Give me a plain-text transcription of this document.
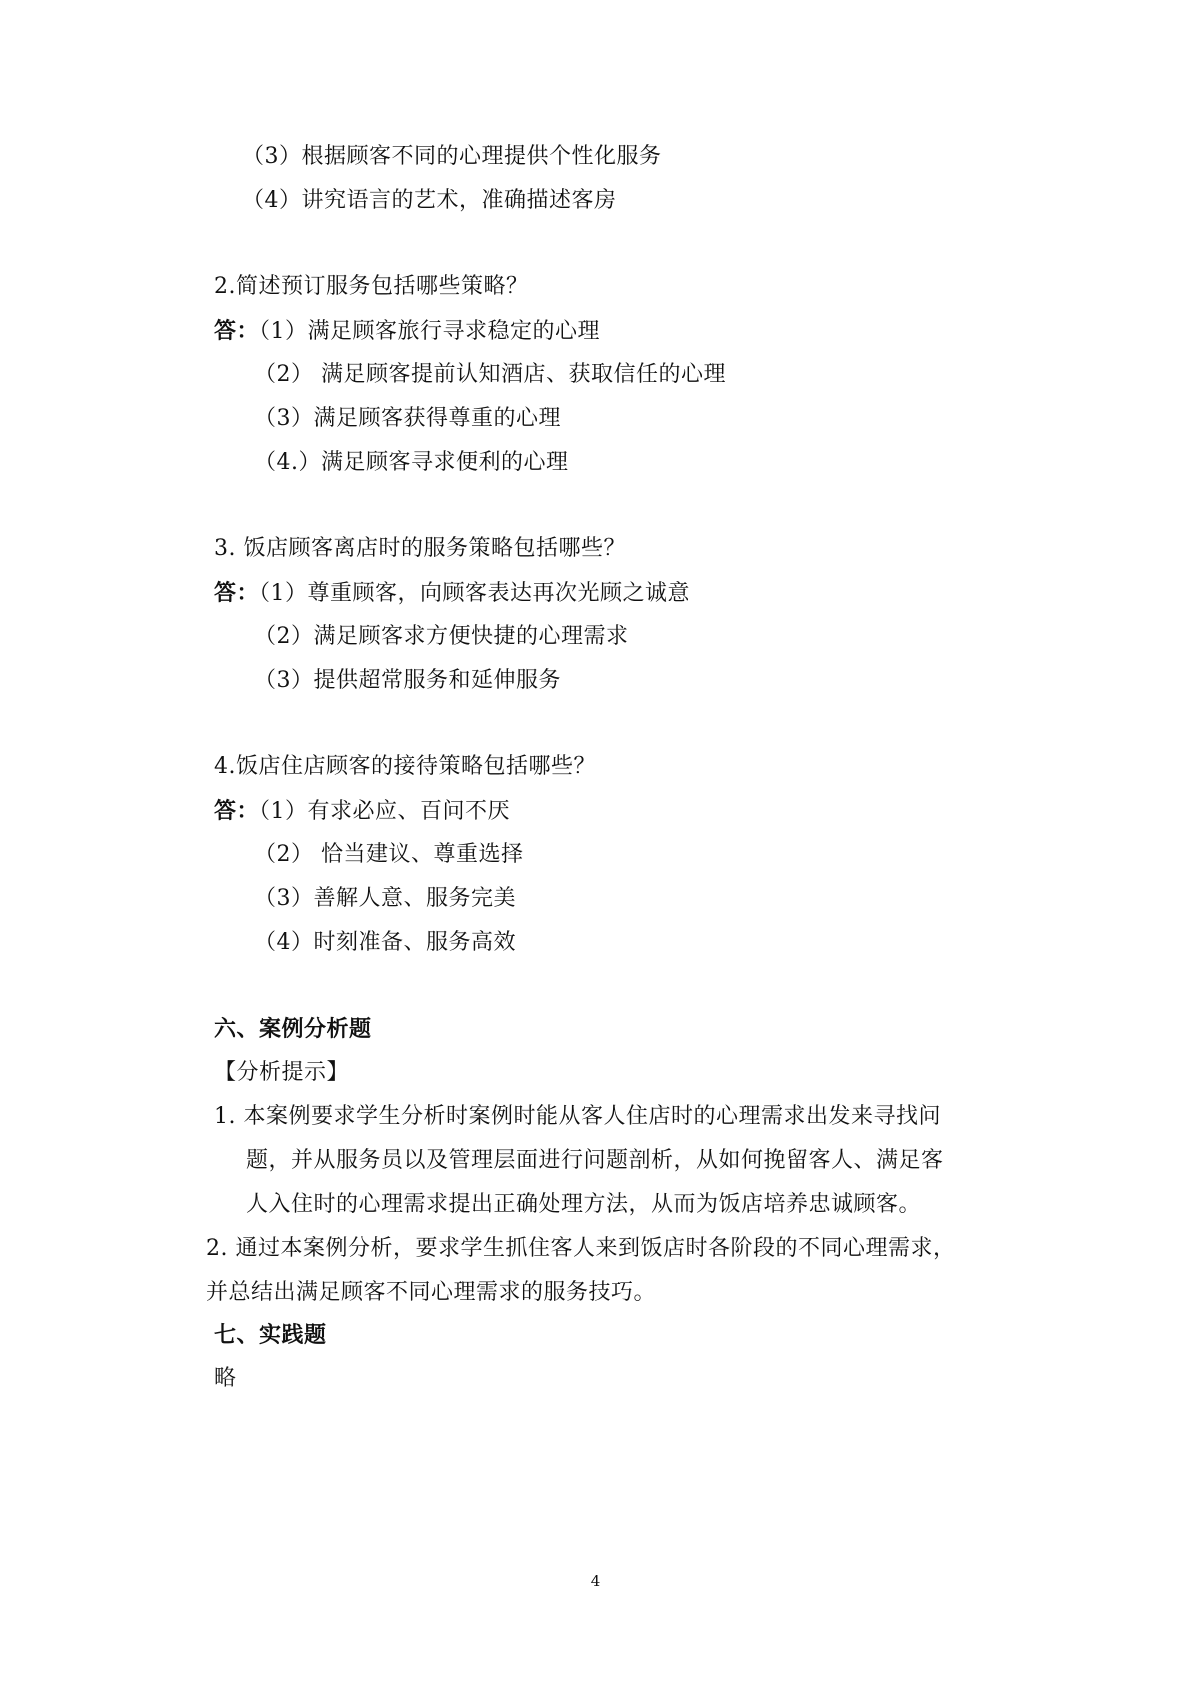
（3）根据顾客不同的心理提供个性化服务
（4）讲究语言的艺术，准确描述客房
2.简述预订服务包括哪些策略？
答：（1）满足顾客旅行寻求稳定的心理
（2） 满足顾客提前认知酒店、获取信任的心理
（3）满足顾客获得尊重的心理
（4.）满足顾客寻求便利的心理
3. 饭店顾客离店时的服务策略包括哪些？
答：（1）尊重顾客，向顾客表达再次光顾之诚意
（2）满足顾客求方便快捷的心理需求
（3）提供超常服务和延伸服务
4.饭店住店顾客的接待策略包括哪些？
答：（1）有求必应、百问不厌
（2） 恰当建议、尊重选择
（3）善解人意、服务完美
（4）时刻准备、服务高效
六、案例分析题
【分析提示】
1. 本案例要求学生分析时案例时能从客人住店时的心理需求出发来寻找问
题，并从服务员以及管理层面进行问题剖析，从如何挽留客人、满足客
人入住时的心理需求提出正确处理方法，从而为饭店培养忠诚顾客。
2. 通过本案例分析，要求学生抓住客人来到饭店时各阶段的不同心理需求，
并总结出满足顾客不同心理需求的服务技巧。
七、实践题
略
4
